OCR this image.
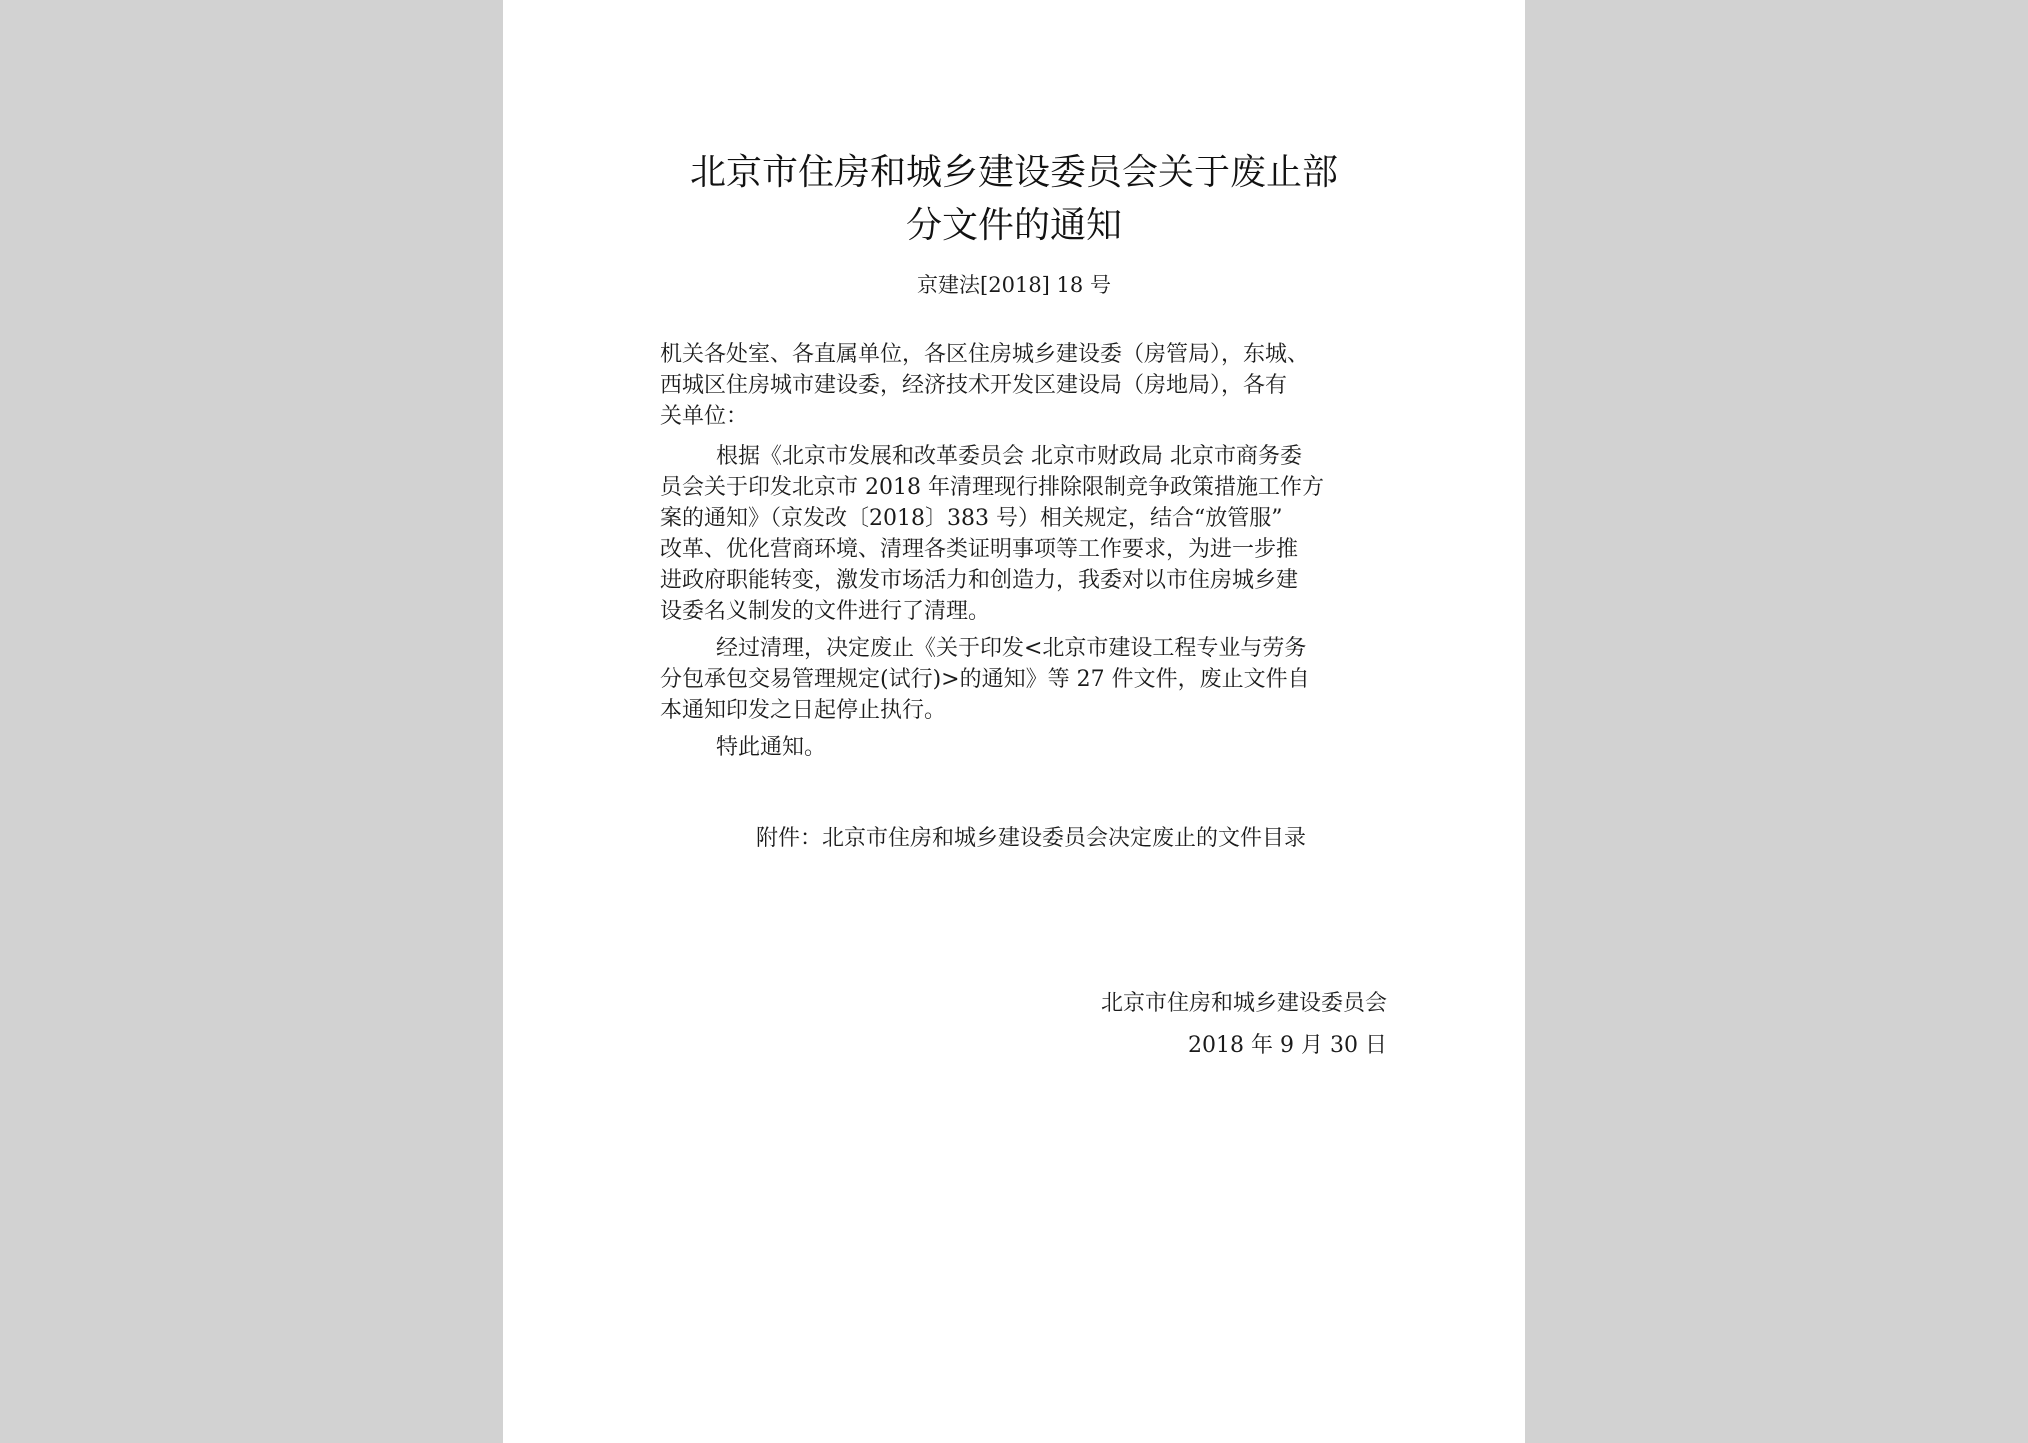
北京市住房和城乡建设委员会关于废止部
分文件的通知
京建法[2018] 18 号

机关各处室、各直属单位，各区住房城乡建设委（房管局），东城、
西城区住房城市建设委，经济技术开发区建设局（房地局），各有
关单位：

根据《北京市发展和改革委员会 北京市财政局 北京市商务委
员会关于印发北京市 2018 年清理现行排除限制竞争政策措施工作方
案的通知》（京发改〔2018〕383 号）相关规定，结合“放管服”
改革、优化营商环境、清理各类证明事项等工作要求，为进一步推
进政府职能转变，激发市场活力和创造力，我委对以市住房城乡建
设委名义制发的文件进行了清理。

经过清理，决定废止《关于印发<北京市建设工程专业与劳务
分包承包交易管理规定(试行)>的通知》等 27 件文件，废止文件自
本通知印发之日起停止执行。

特此通知。

附件：北京市住房和城乡建设委员会决定废止的文件目录
北京市住房和城乡建设委员会
2018 年 9 月 30 日
